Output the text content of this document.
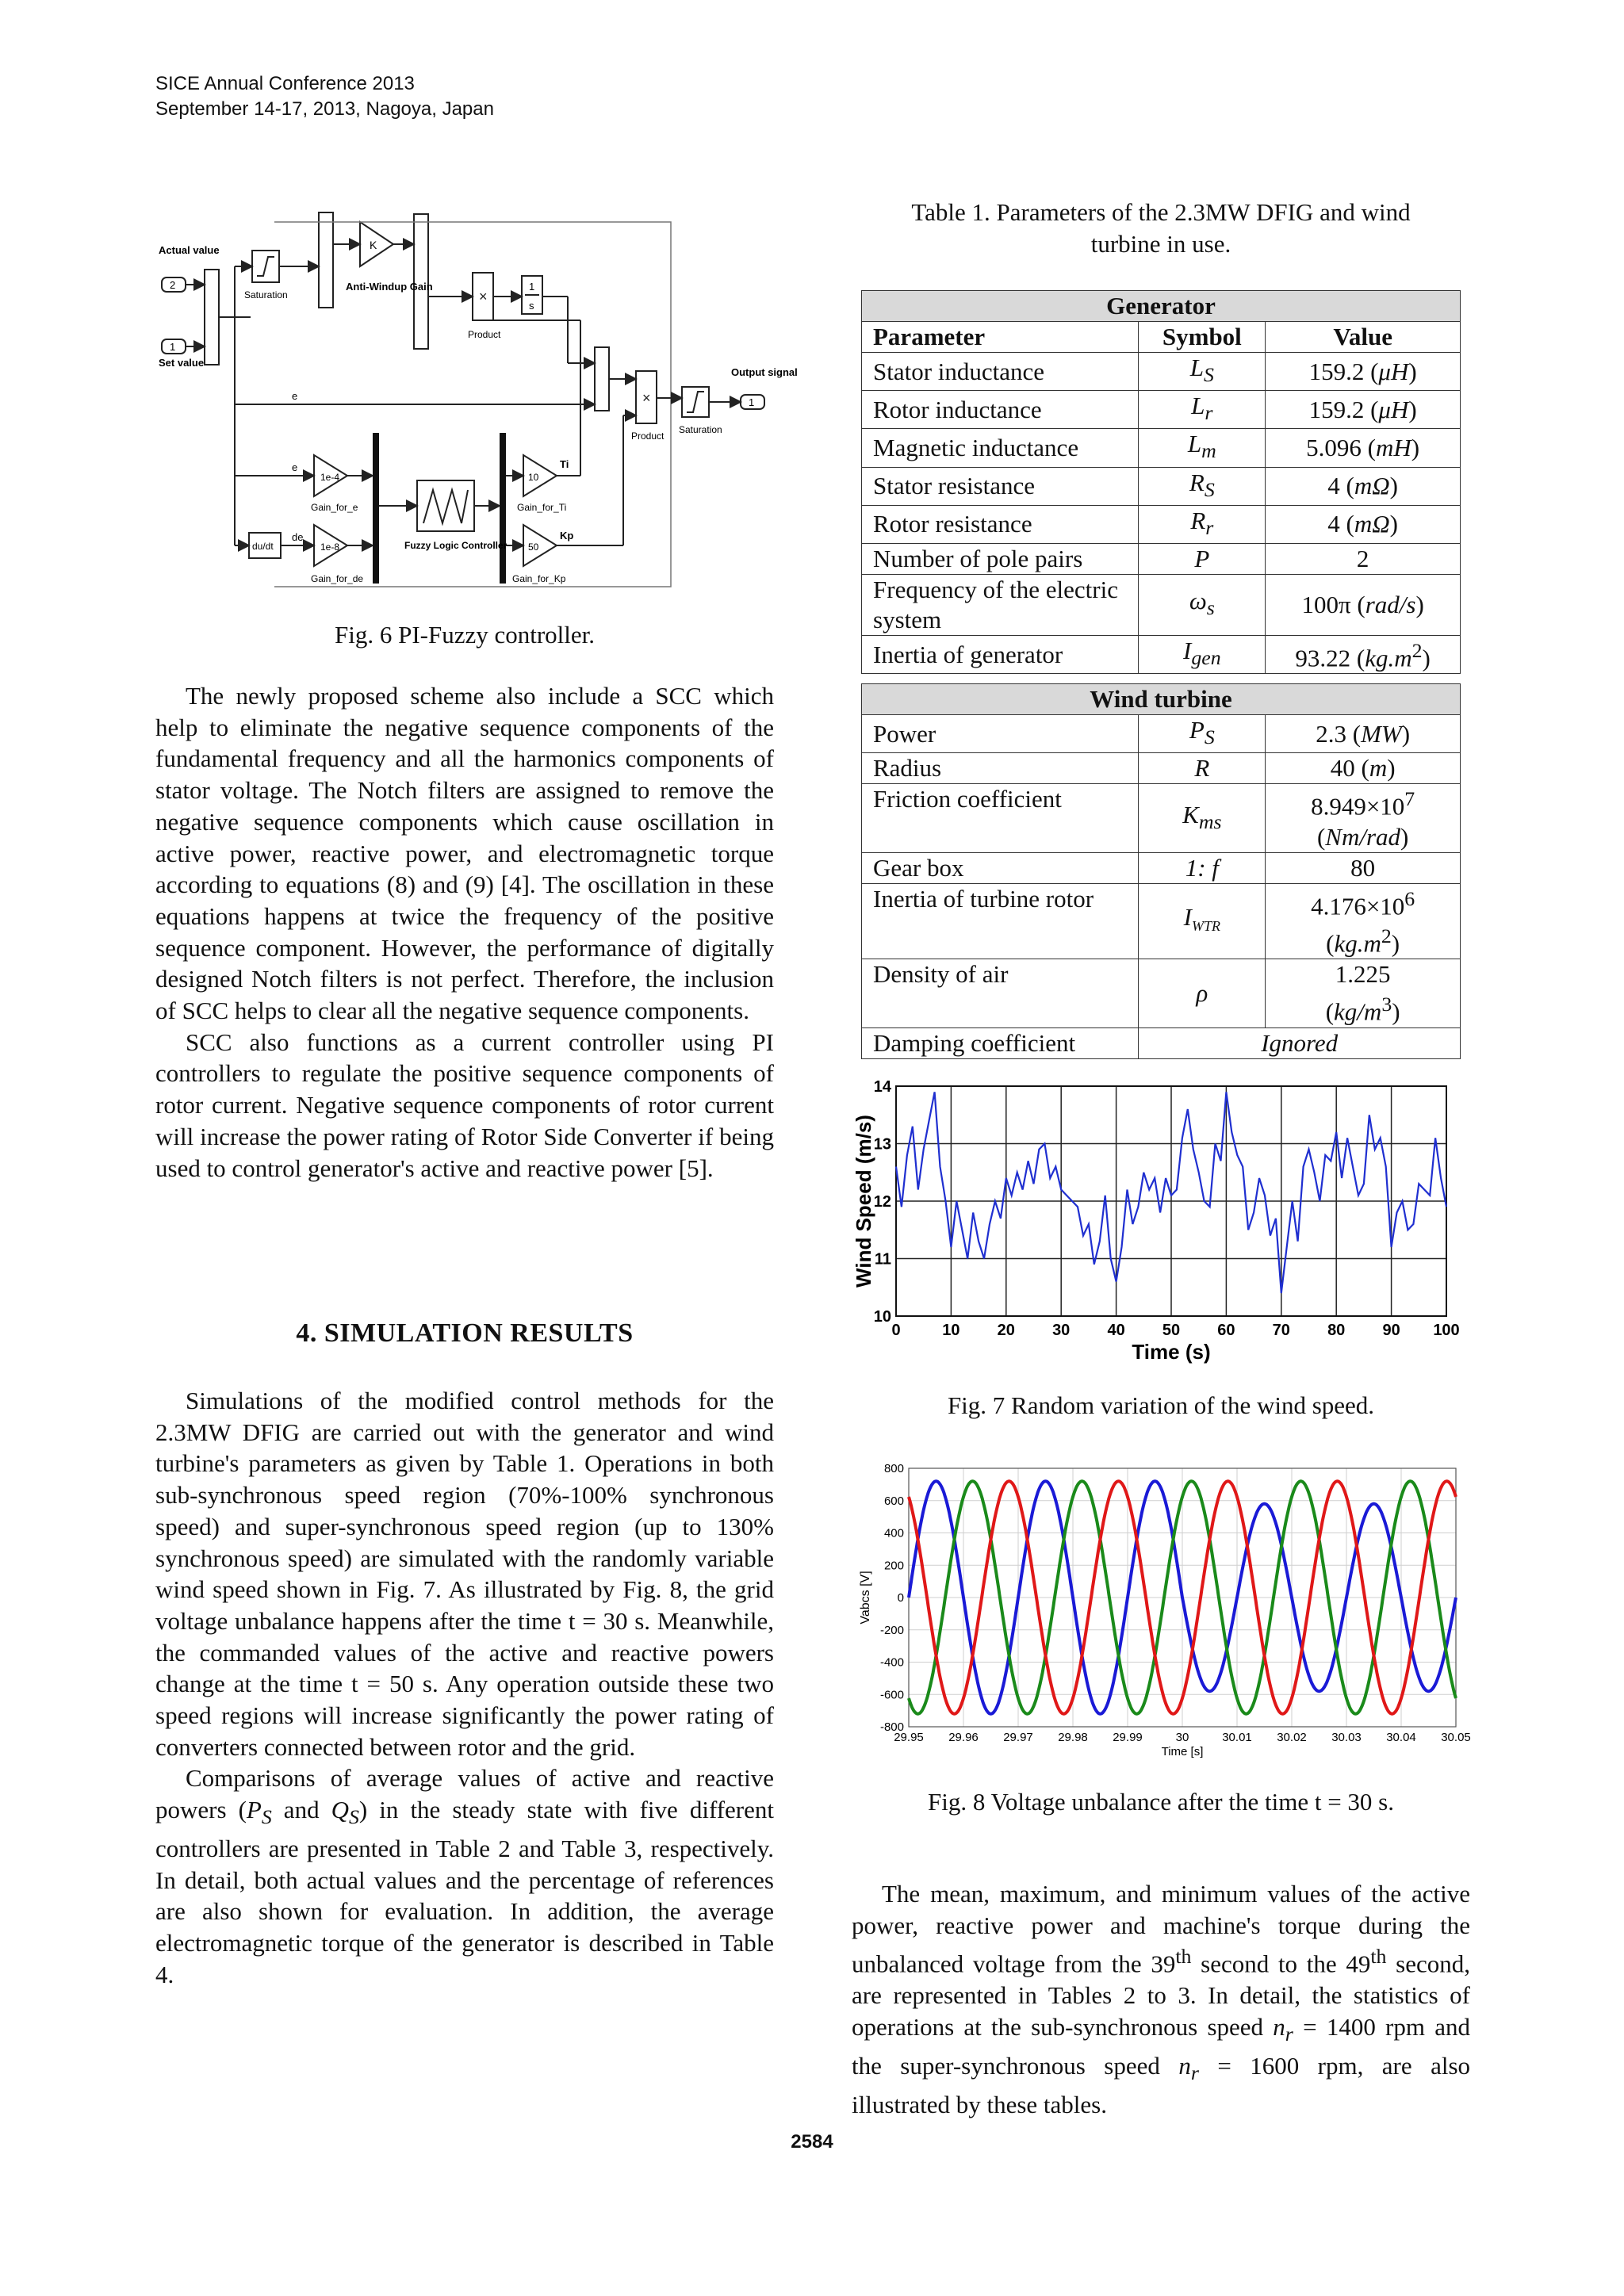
SICE Annual Conference 2013
September 14-17, 2013, Nagoya, Japan
×
×
Actual value
2
Set value
1
Saturation
K
Anti-Windup Gain	1
s
Product
Product
Saturation
Output signal
1
e
e
de
1e-4
Gain_for_e
1e-8
Gain_for_de
du/dt	Fuzzy Logic Controller
10
Gain_for_Ti
Ti
50
Gain_for_Kp
Kp
Fig. 6 PI-Fuzzy controller.

The newly proposed scheme also include a SCC which help to eliminate the negative sequence components of the fundamental frequency and all the harmonics components of stator voltage. The Notch filters are assigned to remove the negative sequence components which cause oscillation in active power, reactive power, and electromagnetic torque according to equations (8) and (9) [4]. The oscillation in these equations happens at twice the frequency of the positive sequence component. However, the performance of digitally designed Notch filters is not perfect. Therefore, the inclusion of SCC helps to clear all the negative sequence components.

SCC also functions as a current controller using PI controllers to regulate the positive sequence components of rotor current. Negative sequence components of rotor current will increase the power rating of Rotor Side Converter if being used to control generator's active and reactive power [5].

4. SIMULATION RESULTS

Simulations of the modified control methods for the 2.3MW DFIG are carried out with the generator and wind turbine's parameters as given by Table 1. Operations in both sub-synchronous speed region (70%-100% synchronous speed) and super-synchronous speed region (up to 130% synchronous speed) are simulated with the randomly variable wind speed shown in Fig. 7. As illustrated by Fig. 8, the grid voltage unbalance happens after the time t = 30 s. Meanwhile, the commanded values of the active and reactive powers change at the time t = 50 s. Any operation outside these two speed regions will increase significantly the power rating of converters connected between rotor and the grid.

Comparisons of average values of active and reactive powers ($P_S$ and $Q_S$) in the steady state with five different controllers are presented in Table 2 and Table 3, respectively. In detail, both actual values and the percentage of references are also shown for evaluation. In addition, the average electromagnetic torque of the generator is described in Table 4.

Table 1. Parameters of the 2.3MW DFIG and wind
turbine in use.
Generator		
Parameter	Symbol	Value
Stator inductance	$L_S$	159.2 (μH)
Rotor inductance	$L_r$	159.2 (μH)
Magnetic inductance	$L_m$	5.096 (mH)
Stator resistance	$R_S$	4 (mΩ)
Rotor resistance	$R_r$	4 (mΩ)
Number of pole pairs	P	2
Frequency of the electric system	$\omega_s$	100π (rad/s)
Inertia of generator	$I_{gen}$	93.22 $(kg.m^2)$

Wind turbine		
Power	$P_S$	2.3 (MW)
Radius	R	40 (m)
Friction coefficient	$K_{ms}$	$8.949\times 10^7$
(Nm/rad)
Gear box	1: f	80
Inertia of turbine rotor	$I_{WTR}$	$4.176\times 10^6$
$(kg.m^2)$
Density of air	ρ	1.225
$(kg/m^3)$
Damping coefficient	Ignored	
0	10 20 30 40 50 60 70 80 90 100
10
11
12
13
14
Time (s)
Wind Speed (m/s)
Fig. 7 Random variation of the wind speed.
29.95 29.96 29.97 29.98 29.99	30	30.01 30.02 30.03 30.04 30.05
-800
-600
-400
-200
0
200
400
600
800
Time [s]
Vabcs [V]
Fig. 8 Voltage unbalance after the time t = 30 s.

The mean, maximum, and minimum values of the active power, reactive power and machine's torque during the unbalanced voltage from the 39th second to the 49th second, are represented in Tables 2 to 3. In detail, the statistics of operations at the sub-synchronous speed $n_r = 1400$ rpm and the super-synchronous speed $n_r = 1600$ rpm, are also illustrated by these tables.

2584
